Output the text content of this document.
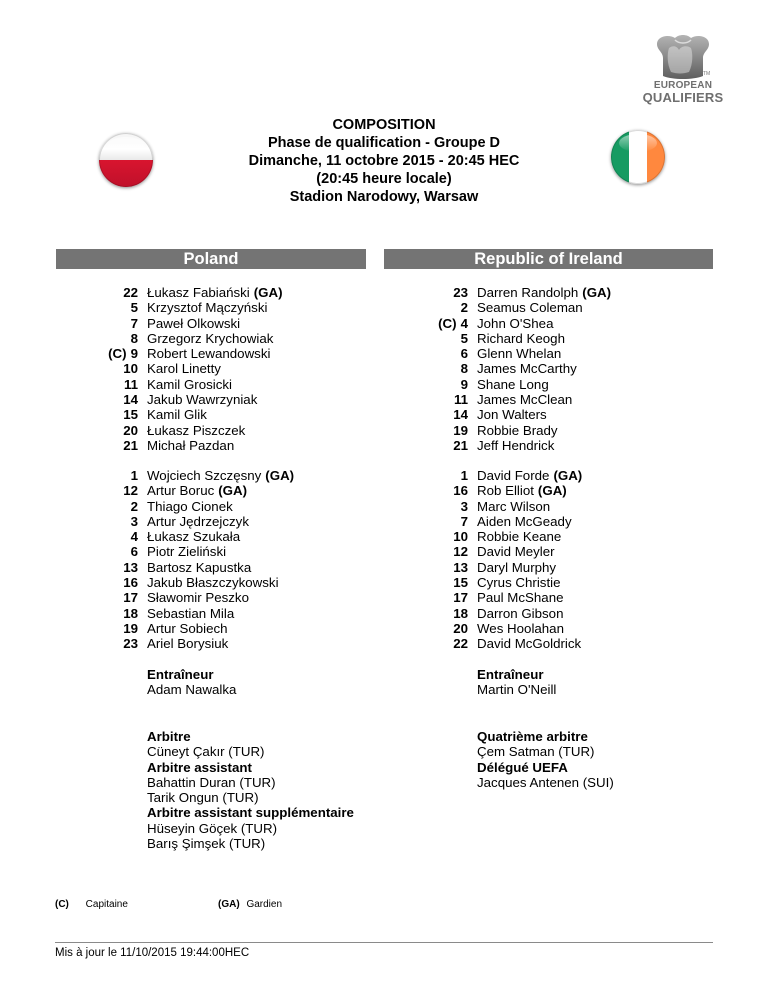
TM
EUROPEAN
QUALIFIERS
COMPOSITION
Phase de qualification - Groupe D
Dimanche, 11 octobre 2015 - 20:45 HEC
(20:45 heure locale)
Stadion Narodowy, Warsaw
Poland	Republic of Ireland
22 Łukasz Fabiański (GA)
5 Krzysztof Mączyński
7 Paweł Olkowski
8 Grzegorz Krychowiak
(C) 9 Robert Lewandowski
10 Karol Linetty
11 Kamil Grosicki
14 Jakub Wawrzyniak
15 Kamil Glik
20 Łukasz Piszczek
21 Michał Pazdan
1 Wojciech Szczęsny (GA)
12 Artur Boruc (GA)
2 Thiago Cionek
3 Artur Jędrzejczyk
4 Łukasz Szukała
6 Piotr Zieliński
13 Bartosz Kapustka
16 Jakub Błaszczykowski
17 Sławomir Peszko
18 Sebastian Mila
19 Artur Sobiech
23 Ariel Borysiuk
23 Darren Randolph (GA)
2 Seamus Coleman
(C) 4 John O'Shea
5 Richard Keogh
6 Glenn Whelan
8 James McCarthy
9 Shane Long
11 James McClean
14 Jon Walters
19 Robbie Brady
21 Jeff Hendrick
1 David Forde (GA)
16 Rob Elliot (GA)
3 Marc Wilson
7 Aiden McGeady
10 Robbie Keane
12 David Meyler
13 Daryl Murphy
15 Cyrus Christie
17 Paul McShane
18 Darron Gibson
20 Wes Hoolahan
22 David McGoldrick
Entraîneur
Adam Nawalka
Entraîneur
Martin O'Neill
Arbitre
Cüneyt Çakır (TUR)
Arbitre assistant
Bahattin Duran (TUR)
Tarik Ongun (TUR)
Arbitre assistant supplémentaire
Hüseyin Göçek (TUR)
Barış Şimşek (TUR)
Quatrième arbitre
Çem Satman (TUR)
Délégué UEFA
Jacques Antenen (SUI)
(C) Capitaine	(GA) Gardien
Mis à jour le 11/10/2015 19:44:00HEC
